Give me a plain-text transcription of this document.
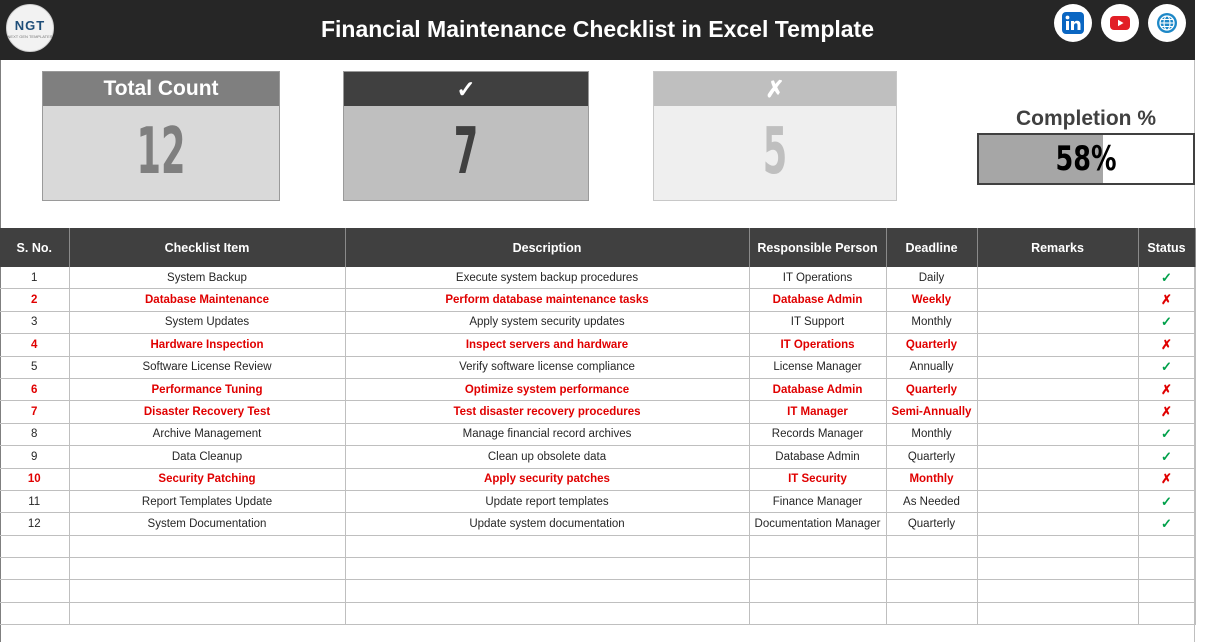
NGT
NEXT GEN TEMPLATES	Financial Maintenance Checklist in Excel Template
Total Count
12
✓
7
✗
5	Completion %
58%
S. No.	Checklist Item	Description	Responsible Person	Deadline	Remarks	Status
1	System Backup	Execute system backup procedures	IT Operations	Daily		✓
2	Database Maintenance	Perform database maintenance tasks	Database Admin	Weekly		✗
3	System Updates	Apply system security updates	IT Support	Monthly		✓
4	Hardware Inspection	Inspect servers and hardware	IT Operations	Quarterly		✗
5	Software License Review	Verify software license compliance	License Manager	Annually		✓
6	Performance Tuning	Optimize system performance	Database Admin	Quarterly		✗
7	Disaster Recovery Test	Test disaster recovery procedures	IT Manager	Semi-Annually		✗
8	Archive Management	Manage financial record archives	Records Manager	Monthly		✓
9	Data Cleanup	Clean up obsolete data	Database Admin	Quarterly		✓
10	Security Patching	Apply security patches	IT Security	Monthly		✗
11	Report Templates Update	Update report templates	Finance Manager	As Needed		✓
12	System Documentation	Update system documentation	Documentation Manager	Quarterly		✓
